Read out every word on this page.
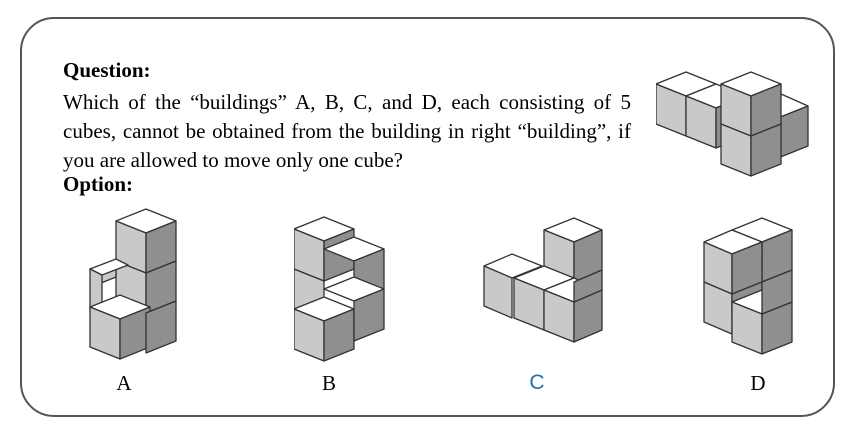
Question:
Which of the “buildings” A, B, C, and D, each consisting of 5 cubes, cannot be obtained from the building in right “building”, if you are allowed to move only one cube?
Option:
A	B	C	D
